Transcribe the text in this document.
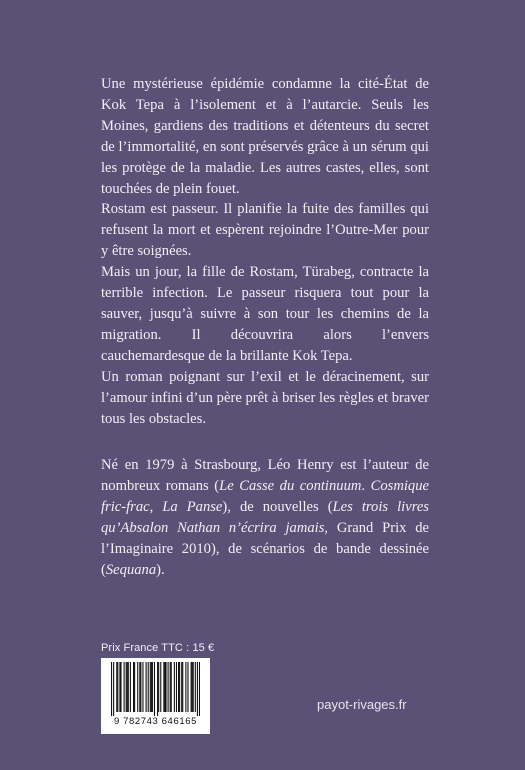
Une mystérieuse épidémie condamne la cité-État de Kok Tepa à l’isolement et à l’autarcie. Seuls les Moines, gardiens des traditions et détenteurs du secret de l’immortalité, en sont préservés grâce à un sérum qui les protège de la maladie. Les autres castes, elles, sont touchées de plein fouet.

Rostam est passeur. Il planifie la fuite des familles qui refusent la mort et espèrent rejoindre l’Outre-Mer pour y être soignées.

Mais un jour, la fille de Rostam, Türabeg, contracte la terrible infection. Le passeur risquera tout pour la sauver, jusqu’à suivre à son tour les chemins de la migration. Il découvrira alors l’envers cauchemardesque de la brillante Kok Tepa.

Un roman poignant sur l’exil et le déracinement, sur l’amour infini d’un père prêt à briser les règles et braver tous les obstacles.

Né en 1979 à Strasbourg, Léo Henry est l’auteur de nombreux romans (Le Casse du continuum. Cosmique fric-frac, La Panse), de nouvelles (Les trois livres qu’Absalon Nathan n’écrira jamais, Grand Prix de l’Imaginaire 2010), de scénarios de bande dessinée (Sequana).

Prix France TTC : 15 €
9 782743 646165
payot-rivages.fr
